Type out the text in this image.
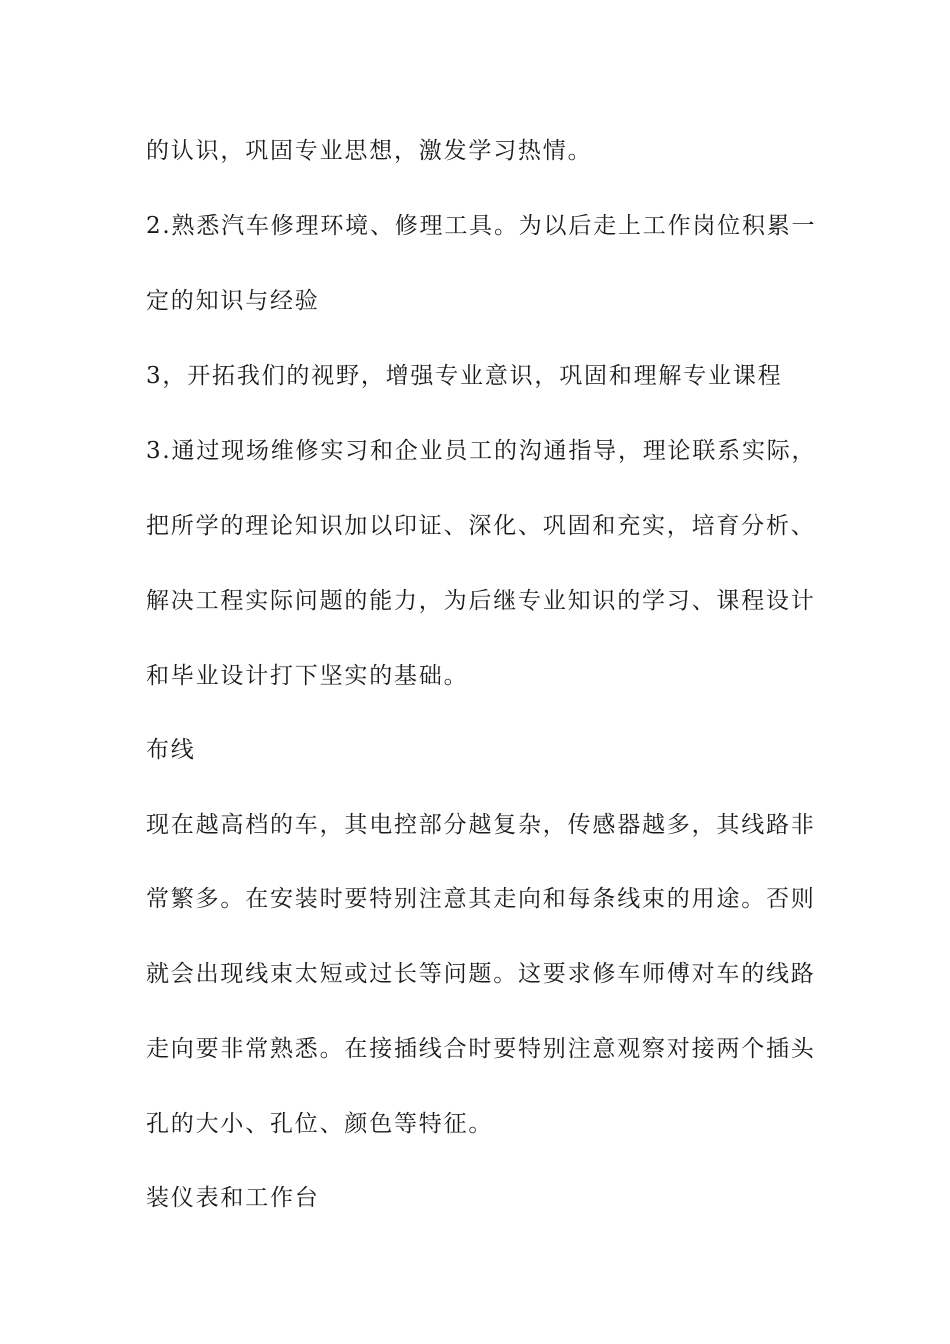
的认识，巩固专业思想，激发学习热情。
2.熟悉汽车修理环境、修理工具。为以后走上工作岗位积累一
定的知识与经验
3，开拓我们的视野，增强专业意识，巩固和理解专业课程
3.通过现场维修实习和企业员工的沟通指导，理论联系实际，
把所学的理论知识加以印证、深化、巩固和充实，培育分析、
解决工程实际问题的能力，为后继专业知识的学习、课程设计
和毕业设计打下坚实的基础。
布线
现在越高档的车，其电控部分越复杂，传感器越多，其线路非
常繁多。在安装时要特别注意其走向和每条线束的用途。否则
就会出现线束太短或过长等问题。这要求修车师傅对车的线路
走向要非常熟悉。在接插线合时要特别注意观察对接两个插头
孔的大小、孔位、颜色等特征。
装仪表和工作台
